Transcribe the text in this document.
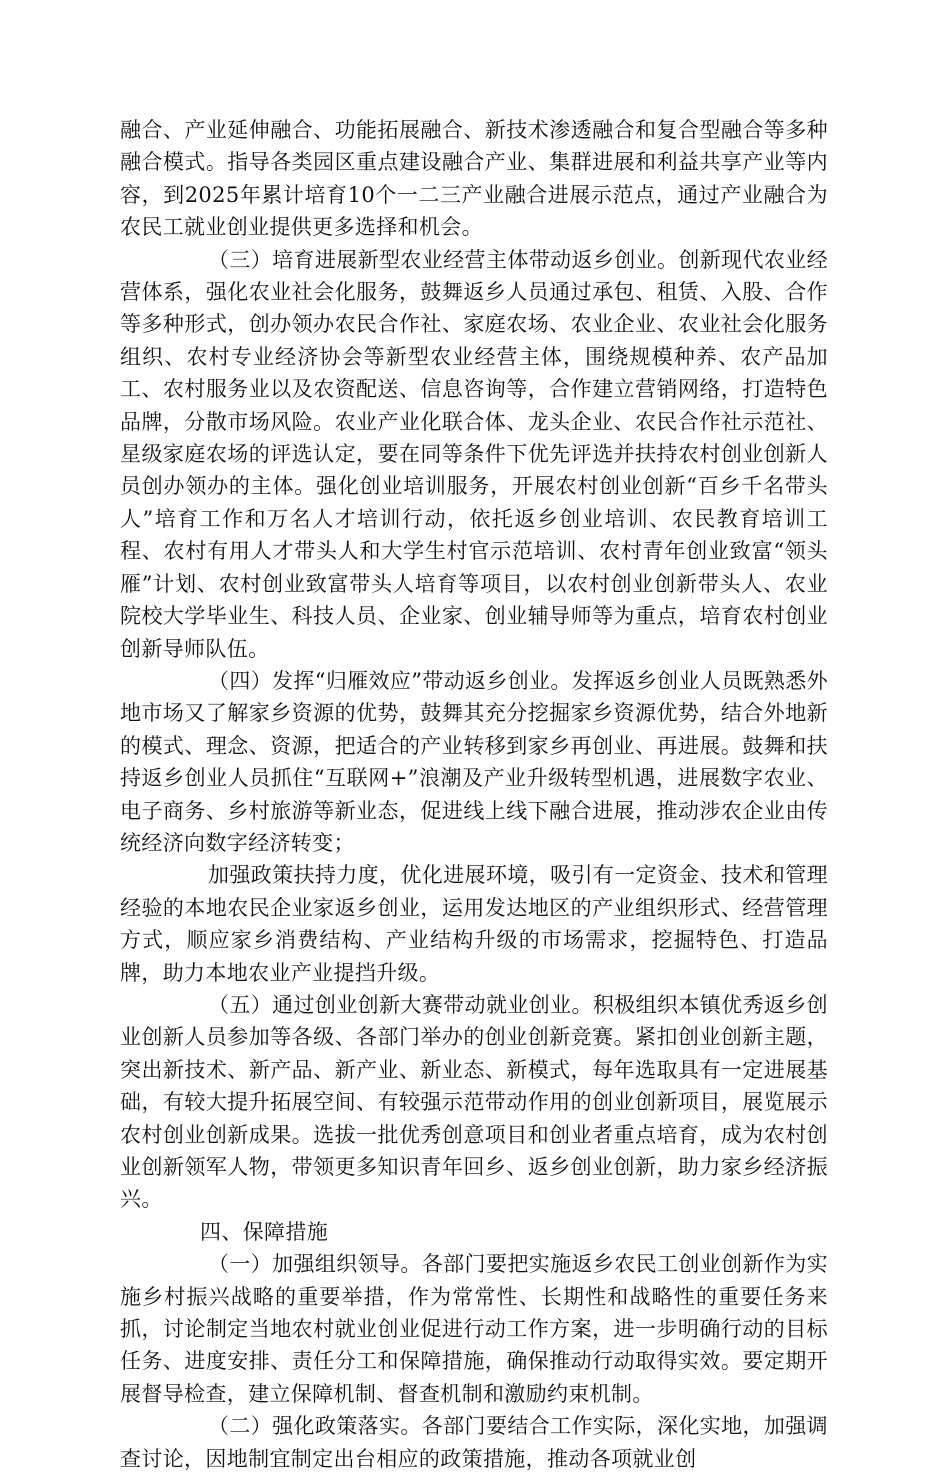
融合、产业延伸融合、功能拓展融合、新技术渗透融合和复合型融合等多种融合模式。指导各类园区重点建设融合产业、集群进展和利益共享产业等内容，到2025年累计培育10个一二三产业融合进展示范点，通过产业融合为农民工就业创业提供更多选择和机会。

（三）培育进展新型农业经营主体带动返乡创业。创新现代农业经营体系，强化农业社会化服务，鼓舞返乡人员通过承包、租赁、入股、合作等多种形式，创办领办农民合作社、家庭农场、农业企业、农业社会化服务组织、农村专业经济协会等新型农业经营主体，围绕规模种养、农产品加工、农村服务业以及农资配送、信息咨询等，合作建立营销网络，打造特色品牌，分散市场风险。农业产业化联合体、龙头企业、农民合作社示范社、星级家庭农场的评选认定，要在同等条件下优先评选并扶持农村创业创新人员创办领办的主体。强化创业培训服务，开展农村创业创新“百乡千名带头人”培育工作和万名人才培训行动，依托返乡创业培训、农民教育培训工程、农村有用人才带头人和大学生村官示范培训、农村青年创业致富“领头雁”计划、农村创业致富带头人培育等项目，以农村创业创新带头人、农业院校大学毕业生、科技人员、企业家、创业辅导师等为重点，培育农村创业创新导师队伍。

（四）发挥“归雁效应”带动返乡创业。发挥返乡创业人员既熟悉外地市场又了解家乡资源的优势，鼓舞其充分挖掘家乡资源优势，结合外地新的模式、理念、资源，把适合的产业转移到家乡再创业、再进展。鼓舞和扶持返乡创业人员抓住“互联网+”浪潮及产业升级转型机遇，进展数字农业、电子商务、乡村旅游等新业态，促进线上线下融合进展，推动涉农企业由传统经济向数字经济转变；

加强政策扶持力度，优化进展环境，吸引有一定资金、技术和管理经验的本地农民企业家返乡创业，运用发达地区的产业组织形式、经营管理方式，顺应家乡消费结构、产业结构升级的市场需求，挖掘特色、打造品牌，助力本地农业产业提挡升级。

（五）通过创业创新大赛带动就业创业。积极组织本镇优秀返乡创业创新人员参加等各级、各部门举办的创业创新竞赛。紧扣创业创新主题，突出新技术、新产品、新产业、新业态、新模式，每年选取具有一定进展基础，有较大提升拓展空间、有较强示范带动作用的创业创新项目，展览展示农村创业创新成果。选拔一批优秀创意项目和创业者重点培育，成为农村创业创新领军人物，带领更多知识青年回乡、返乡创业创新，助力家乡经济振兴。

四、保障措施

（一）加强组织领导。各部门要把实施返乡农民工创业创新作为实施乡村振兴战略的重要举措，作为常常性、长期性和战略性的重要任务来抓，讨论制定当地农村就业创业促进行动工作方案，进一步明确行动的目标任务、进度安排、责任分工和保障措施，确保推动行动取得实效。要定期开展督导检查，建立保障机制、督查机制和激励约束机制。

（二）强化政策落实。各部门要结合工作实际，深化实地，加强调查讨论，因地制宜制定出台相应的政策措施，推动各项就业创
